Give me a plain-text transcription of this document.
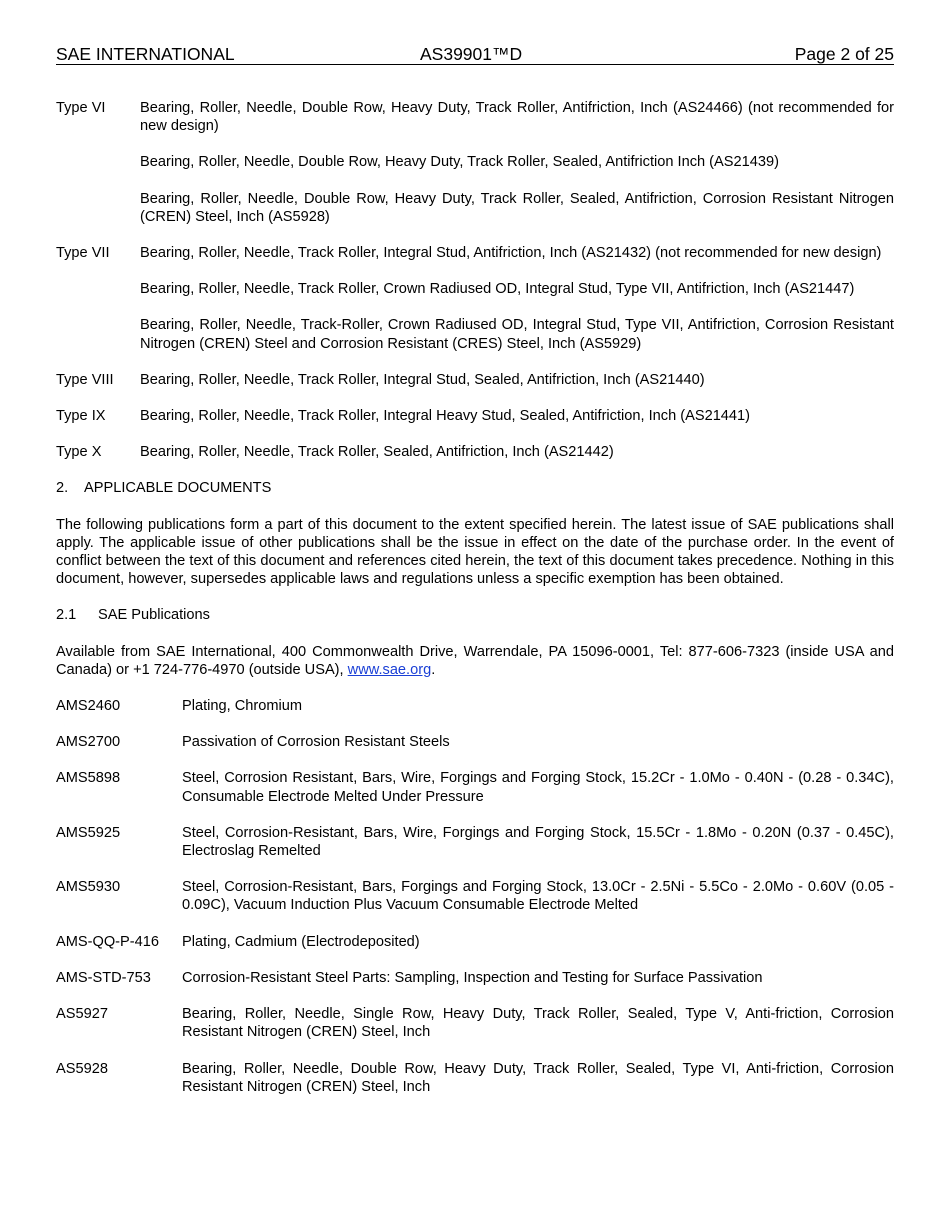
SAE INTERNATIONAL	AS39901™D	Page 2 of 25
Type VI	Bearing, Roller, Needle, Double Row, Heavy Duty, Track Roller, Antifriction, Inch (AS24466) (not recommended for new design)

Bearing, Roller, Needle, Double Row, Heavy Duty, Track Roller, Sealed, Antifriction Inch (AS21439)

Bearing, Roller, Needle, Double Row, Heavy Duty, Track Roller, Sealed, Antifriction, Corrosion Resistant Nitrogen (CREN) Steel, Inch (AS5928)

Type VII	Bearing, Roller, Needle, Track Roller, Integral Stud, Antifriction, Inch (AS21432) (not recommended for new design)

Bearing, Roller, Needle, Track Roller, Crown Radiused OD, Integral Stud, Type VII, Antifriction, Inch (AS21447)

Bearing, Roller, Needle, Track-Roller, Crown Radiused OD, Integral Stud, Type VII, Antifriction, Corrosion Resistant Nitrogen (CREN) Steel and Corrosion Resistant (CRES) Steel, Inch (AS5929)

Type VIII	Bearing, Roller, Needle, Track Roller, Integral Stud, Sealed, Antifriction, Inch (AS21440)

Type IX	Bearing, Roller, Needle, Track Roller, Integral Heavy Stud, Sealed, Antifriction, Inch (AS21441)

Type X	Bearing, Roller, Needle, Track Roller, Sealed, Antifriction, Inch (AS21442)

2. APPLICABLE DOCUMENTS
The following publications form a part of this document to the extent specified herein. The latest issue of SAE publications shall apply. The applicable issue of other publications shall be the issue in effect on the date of the purchase order. In the event of conflict between the text of this document and references cited herein, the text of this document takes precedence. Nothing in this document, however, supersedes applicable laws and regulations unless a specific exemption has been obtained.
2.1 SAE Publications
Available from SAE International, 400 Commonwealth Drive, Warrendale, PA 15096-0001, Tel: 877-606-7323 (inside USA and Canada) or +1 724-776-4970 (outside USA), www.sae.org.
AMS2460	Plating, Chromium
AMS2700	Passivation of Corrosion Resistant Steels
AMS5898	Steel, Corrosion Resistant, Bars, Wire, Forgings and Forging Stock, 15.2Cr - 1.0Mo - 0.40N - (0.28 - 0.34C), Consumable Electrode Melted Under Pressure
AMS5925	Steel, Corrosion-Resistant, Bars, Wire, Forgings and Forging Stock, 15.5Cr - 1.8Mo - 0.20N (0.37 - 0.45C), Electroslag Remelted
AMS5930	Steel, Corrosion-Resistant, Bars, Forgings and Forging Stock, 13.0Cr - 2.5Ni - 5.5Co - 2.0Mo - 0.60V (0.05 - 0.09C), Vacuum Induction Plus Vacuum Consumable Electrode Melted
AMS-QQ-P-416	Plating, Cadmium (Electrodeposited)
AMS-STD-753	Corrosion-Resistant Steel Parts: Sampling, Inspection and Testing for Surface Passivation
AS5927	Bearing, Roller, Needle, Single Row, Heavy Duty, Track Roller, Sealed, Type V, Anti-friction, Corrosion Resistant Nitrogen (CREN) Steel, Inch
AS5928	Bearing, Roller, Needle, Double Row, Heavy Duty, Track Roller, Sealed, Type VI, Anti-friction, Corrosion Resistant Nitrogen (CREN) Steel, Inch
